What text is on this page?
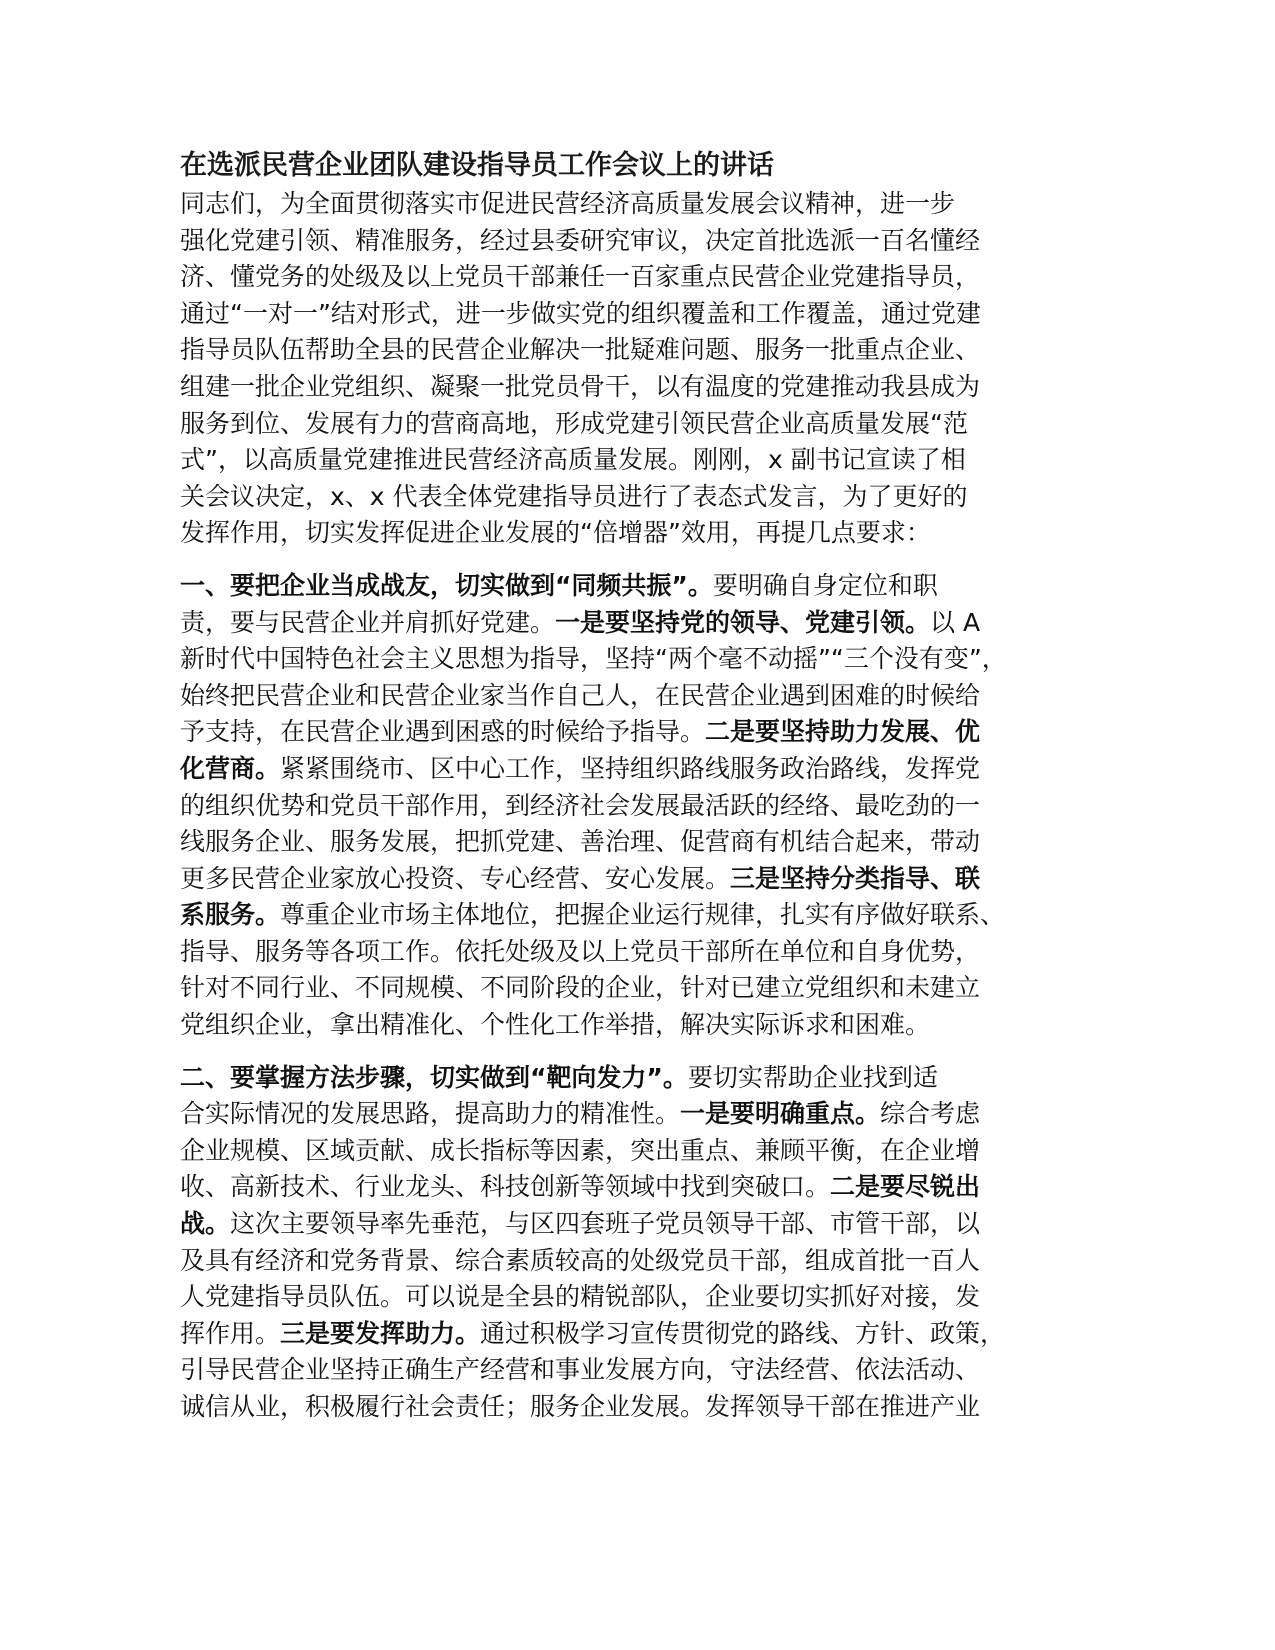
在选派民营企业团队建设指导员工作会议上的讲话
同志们，为全面贯彻落实市促进民营经济高质量发展会议精神，进一步
强化党建引领、精准服务，经过县委研究审议，决定首批选派一百名懂经
济、懂党务的处级及以上党员干部兼任一百家重点民营企业党建指导员，
通过“一对一”结对形式，进一步做实党的组织覆盖和工作覆盖，通过党建
指导员队伍帮助全县的民营企业解决一批疑难问题、服务一批重点企业、
组建一批企业党组织、凝聚一批党员骨干，以有温度的党建推动我县成为
服务到位、发展有力的营商高地，形成党建引领民营企业高质量发展“范
式”，以高质量党建推进民营经济高质量发展。刚刚，x 副书记宣读了相
关会议决定，x、x 代表全体党建指导员进行了表态式发言，为了更好的
发挥作用，切实发挥促进企业发展的“倍增器”效用，再提几点要求：
一、要把企业当成战友，切实做到“同频共振”。要明确自身定位和职
责，要与民营企业并肩抓好党建。一是要坚持党的领导、党建引领。以 A
新时代中国特色社会主义思想为指导，坚持“两个毫不动摇”“三个没有变”，
始终把民营企业和民营企业家当作自己人，在民营企业遇到困难的时候给
予支持，在民营企业遇到困惑的时候给予指导。二是要坚持助力发展、优
化营商。紧紧围绕市、区中心工作，坚持组织路线服务政治路线，发挥党
的组织优势和党员干部作用，到经济社会发展最活跃的经络、最吃劲的一
线服务企业、服务发展，把抓党建、善治理、促营商有机结合起来，带动
更多民营企业家放心投资、专心经营、安心发展。三是坚持分类指导、联
系服务。尊重企业市场主体地位，把握企业运行规律，扎实有序做好联系、
指导、服务等各项工作。依托处级及以上党员干部所在单位和自身优势，
针对不同行业、不同规模、不同阶段的企业，针对已建立党组织和未建立
党组织企业，拿出精准化、个性化工作举措，解决实际诉求和困难。
二、要掌握方法步骤，切实做到“靶向发力”。要切实帮助企业找到适
合实际情况的发展思路，提高助力的精准性。一是要明确重点。综合考虑
企业规模、区域贡献、成长指标等因素，突出重点、兼顾平衡，在企业增
收、高新技术、行业龙头、科技创新等领域中找到突破口。二是要尽锐出
战。这次主要领导率先垂范，与区四套班子党员领导干部、市管干部，以
及具有经济和党务背景、综合素质较高的处级党员干部，组成首批一百人
人党建指导员队伍。可以说是全县的精锐部队，企业要切实抓好对接，发
挥作用。三是要发挥助力。通过积极学习宣传贯彻党的路线、方针、政策，
引导民营企业坚持正确生产经营和事业发展方向，守法经营、依法活动、
诚信从业，积极履行社会责任；服务企业发展。发挥领导干部在推进产业
